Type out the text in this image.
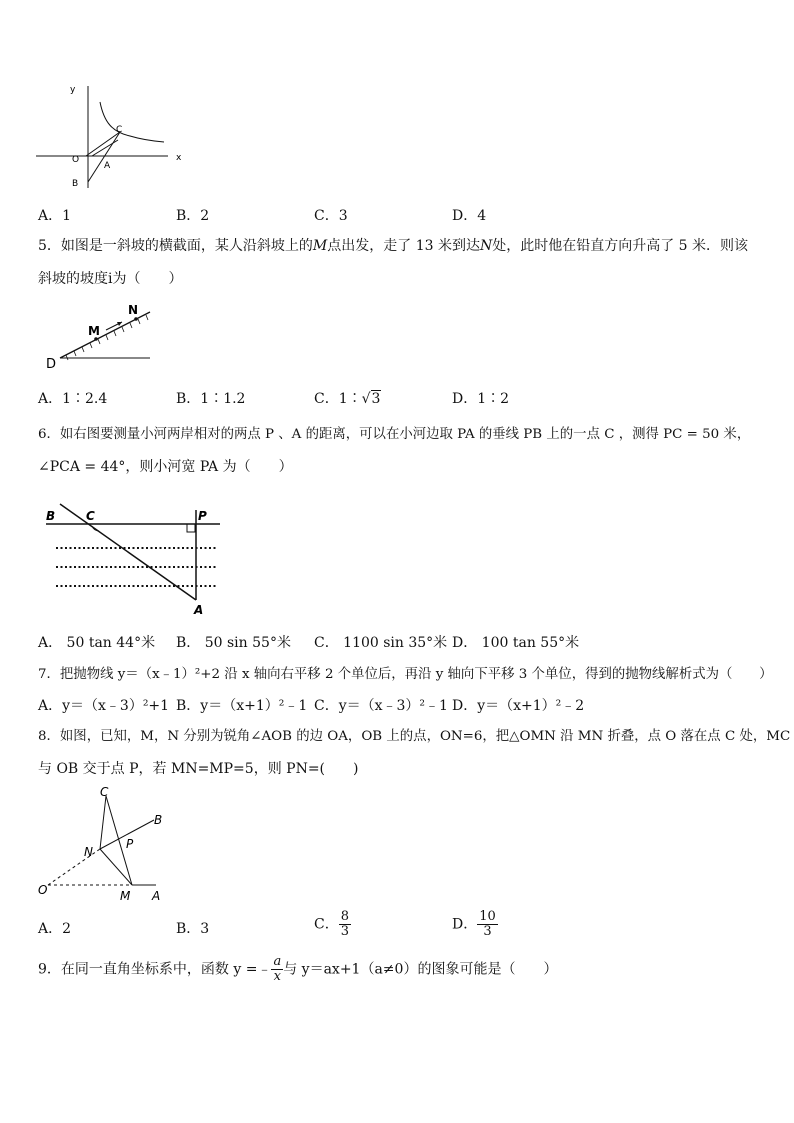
y
x
O
A
B
C
A．1	B．2	C．3	D．4
5．如图是一斜坡的横截面，某人沿斜坡上的M点出发，走了 13 米到达N处，此时他在铅直方向升高了 5 米．则该
斜坡的坡度i为（　　）
M
N
D
A．1∶2.4	B．1∶1.2	C．1∶√3	D．1∶2
6．如右图要测量小河两岸相对的两点 P 、A 的距离，可以在小河边取 PA 的垂线 PB 上的一点 C ，测得 PC = 50 米，
∠PCA = 44°，则小河宽 PA 为（　　）
B	C	P
A
A． 50 tan 44°米 B． 50 sin 55°米 C． 1100 sin 35°米 D． 100 tan 55°米
7．把抛物线 y＝（x﹣1）²+2 沿 x 轴向右平移 2 个单位后，再沿 y 轴向下平移 3 个单位，得到的抛物线解析式为（　　）
A．y＝（x﹣3）²+1 B．y＝（x+1）²﹣1 C．y＝（x﹣3）²﹣1 D．y＝（x+1）²﹣2
8．如图，已知，M，N 分别为锐角∠AOB 的边 OA，OB 上的点，ON=6，把△OMN 沿 MN 折叠，点 O 落在点 C 处，MC
与 OB 交于点 P，若 MN=MP=5，则 PN=(　　)
C
B
N
P
O	M A
A．2	B．3	C． $\frac{8}{3}$	D． $\frac{10}{3}$
9．在同一直角坐标系中，函数 y =﹣ $\frac{a}{x}$ 与 y＝ax+1（a≠0）的图象可能是（　　）
